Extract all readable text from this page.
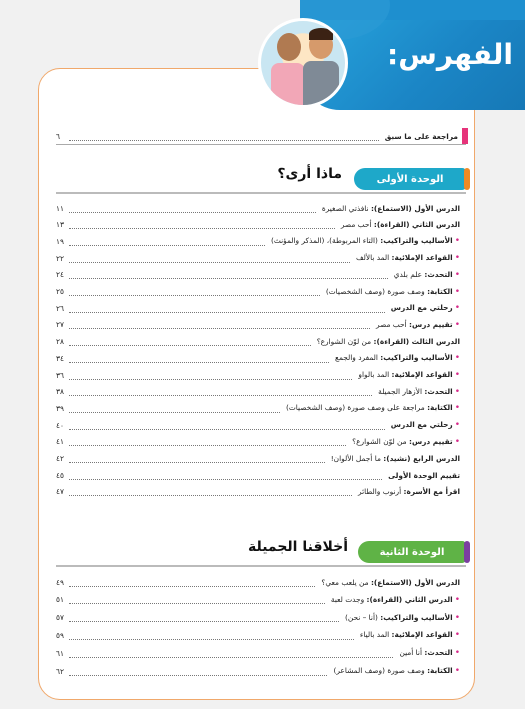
الفهرس:
مراجعة على ما سبق
٦
الوحدة الأولى
ماذا أرى؟
الدرس الأول (الاستماع): نافذتي الصغيرة
١١
الدرس الثاني (القراءة): أحب مصر
١٣
•الأساليب والتراكيب: (التاء المربوطة)، (المذكر والمؤنث)
١٩
•القواعد الإملائية: المد بالألف
٢٢
•التحدث: علم بلدي
٢٤
•الكتابة: وصف صورة (وصف الشخصيات)
٢٥
•رحلتي مع الدرس
٢٦
•تقييم درس: أحب مصر
٢٧
الدرس الثالث (القراءة): من لوّن الشوارع؟
٢٨
•الأساليب والتراكيب: المفرد والجمع
٣٤
•القواعد الإملائية: المد بالواو
٣٦
•التحدث: الأزهار الجميلة
٣٨
•الكتابة: مراجعة على وصف صورة (وصف الشخصيات)
٣٩
•رحلتي مع الدرس
٤٠
•تقييم درس: من لوّن الشوارع؟
٤١
الدرس الرابع (نشيد): ما أجمل الألوان!
٤٢
تقييم الوحدة الأولى
٤٥
اقرأ مع الأسرة: أرنوب والطائر
٤٧
الوحدة الثانية
أخلاقنا الجميلة
الدرس الأول (الاستماع): من يلعب معي؟
٤٩
•الدرس الثاني (القراءة): وجدت لعبة
٥١
•الأساليب والتراكيب: (أنا – نحن)
٥٧
•القواعد الإملائية: المد بالياء
٥٩
•التحدث: أنا أمين
٦١
•الكتابة: وصف صورة (وصف المشاعر)
٦٢
